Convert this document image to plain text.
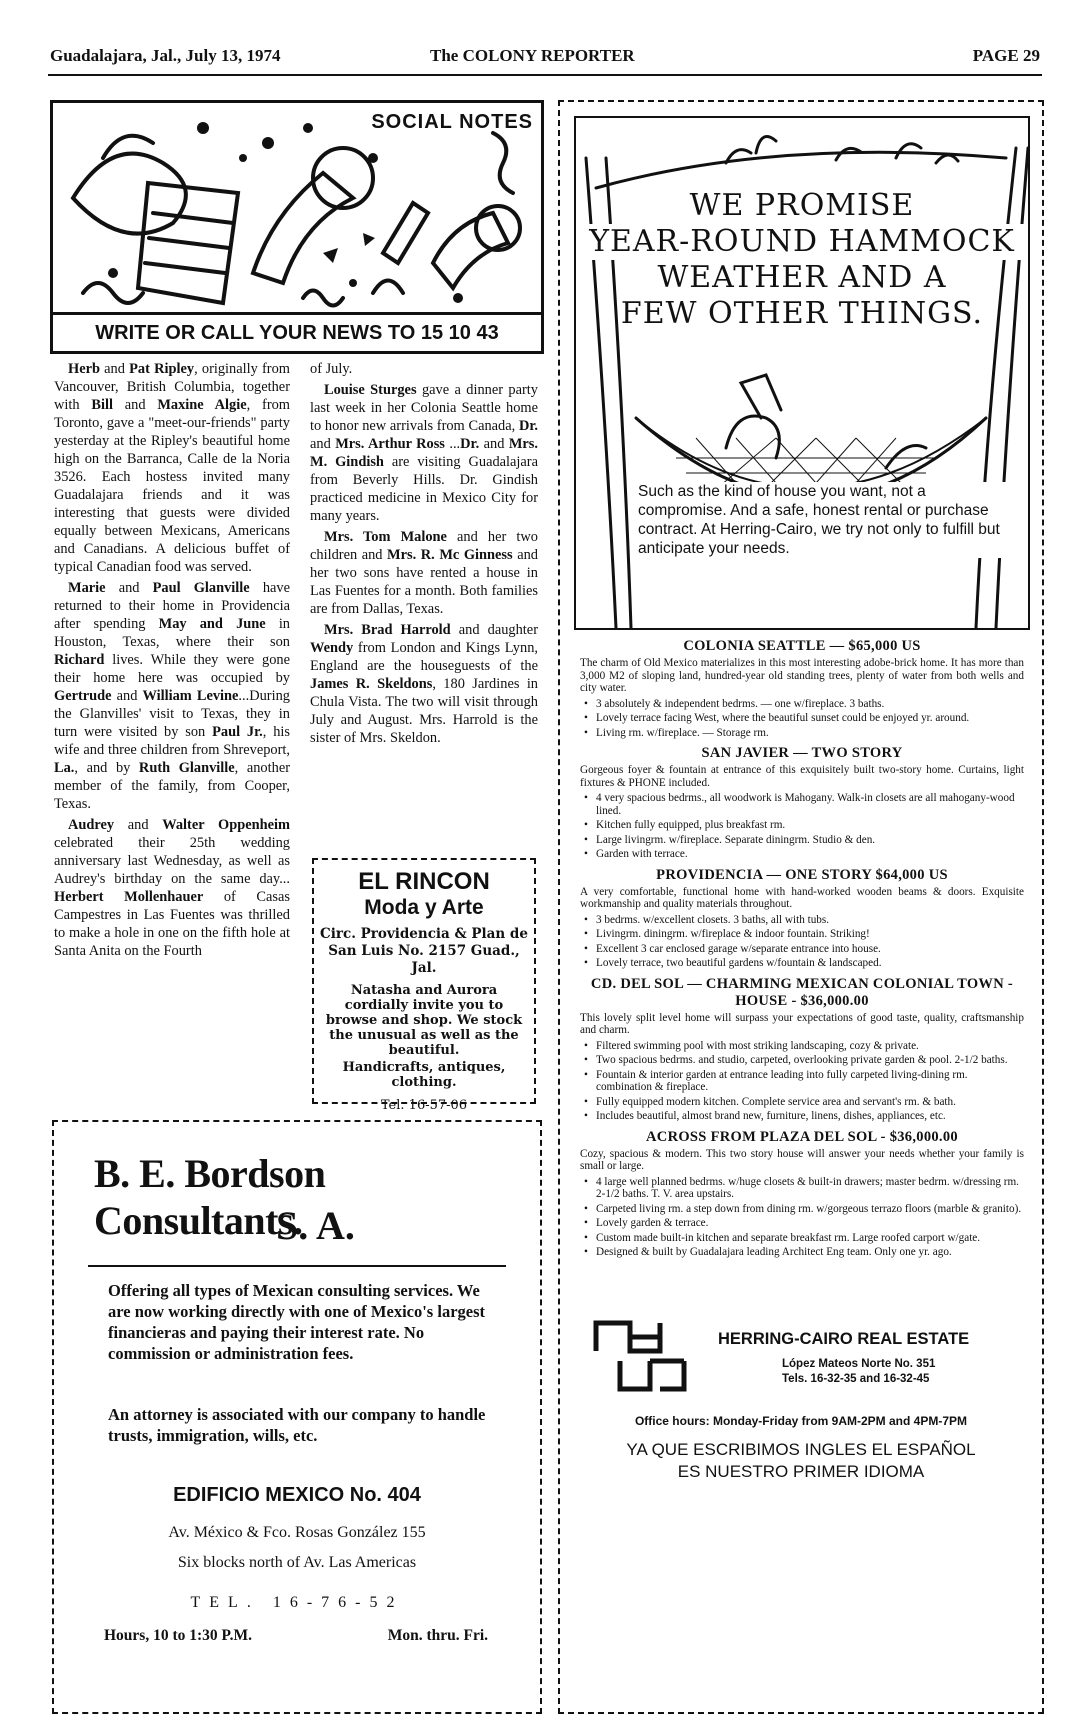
Guadalajara, Jal., July 13, 1974	The COLONY REPORTER	PAGE 29
SOCIAL NOTES
WRITE OR CALL YOUR NEWS TO 15 10 43

Herb and Pat Ripley, originally from Vancouver, British Columbia, together with Bill and Maxine Algie, from Toronto, gave a "meet-our-friends" party yesterday at the Ripley's beautiful home high on the Barranca, Calle de la Noria 3526. Each hostess invited many Guadalajara friends and it was interesting that guests were divided equally between Mexicans, Americans and Canadians. A delicious buffet of typical Canadian food was served.

Marie and Paul Glanville have returned to their home in Providencia after spending May and June in Houston, Texas, where their son Richard lives. While they were gone their home here was occupied by Gertrude and William Levine...During the Glanvilles' visit to Texas, they in turn were visited by son Paul Jr., his wife and three children from Shreveport, La., and by Ruth Glanville, another member of the family, from Cooper, Texas.

Audrey and Walter Oppenheim celebrated their 25th wedding anniversary last Wednesday, as well as Audrey's birthday on the same day... Herbert Mollenhauer of Casas Campestres in Las Fuentes was thrilled to make a hole in one on the fifth hole at Santa Anita on the Fourth

of July.

Louise Sturges gave a dinner party last week in her Colonia Seattle home to honor new arrivals from Canada, Dr. and Mrs. Arthur Ross ...Dr. and Mrs. M. Gindish are visiting Guadalajara from Beverly Hills. Dr. Gindish practiced medicine in Mexico City for many years.

Mrs. Tom Malone and her two children and Mrs. R. Mc Ginness and her two sons have rented a house in Las Fuentes for a month. Both families are from Dallas, Texas.

Mrs. Brad Harrold and daughter Wendy from London and Kings Lynn, England are the houseguests of the James R. Skeldons, 180 Jardines in Chula Vista. The two will visit through July and August. Mrs. Harrold is the sister of Mrs. Skeldon.

EL RINCON
Moda y Arte
Circ. Providencia & Plan de San Luis No. 2157 Guad., Jal.
Natasha and Aurora cordially invite you to browse and shop. We stock the unusual as well as the beautiful.
Handicrafts, antiques, clothing.
Tel. 16-57-06
B. E. Bordson Consultants.
S. A.
Offering all types of Mexican consulting services. We are now working directly with one of Mexico's largest financieras and paying their interest rate. No commission or administration fees.
An attorney is associated with our company to handle trusts, immigration, wills, etc.
EDIFICIO MEXICO No. 404
Av. México & Fco. Rosas González 155
Six blocks north of Av. Las Americas
TEL. 16-76-52
Hours, 10 to 1:30 P.M.	Mon. thru. Fri.
WE PROMISE
YEAR-ROUND HAMMOCK
WEATHER AND A
FEW OTHER THINGS.
Such as the kind of house you want, not a compromise. And a safe, honest rental or purchase contract. At Herring-Cairo, we try not only to fulfill but anticipate your needs.
COLONIA SEATTLE — $65,000 US
The charm of Old Mexico materializes in this most interesting adobe-brick home. It has more than 3,000 M2 of sloping land, hundred-year old standing trees, plenty of water from both wells and city water.
• 3 absolutely & independent bedrms. — one w/fireplace. 3 baths.
• Lovely terrace facing West, where the beautiful sunset could be enjoyed yr. around.
• Living rm. w/fireplace. — Storage rm.
SAN JAVIER — TWO STORY
Gorgeous foyer & fountain at entrance of this exquisitely built two-story home. Curtains, light fixtures & PHONE included.
• 4 very spacious bedrms., all woodwork is Mahogany. Walk-in closets are all mahogany-wood lined.
• Kitchen fully equipped, plus breakfast rm.
• Large livingrm. w/fireplace. Separate diningrm. Studio & den.
• Garden with terrace.
PROVIDENCIA — ONE STORY $64,000 US
A very comfortable, functional home with hand-worked wooden beams & doors. Exquisite workmanship and quality materials throughout.
• 3 bedrms. w/excellent closets. 3 baths, all with tubs.
• Livingrm. diningrm. w/fireplace & indoor fountain. Striking!
• Excellent 3 car enclosed garage w/separate entrance into house.
• Lovely terrace, two beautiful gardens w/fountain & landscaped.
CD. DEL SOL — CHARMING MEXICAN COLONIAL TOWN - HOUSE - $36,000.00
This lovely split level home will surpass your expectations of good taste, quality, craftsmanship and charm.
• Filtered swimming pool with most striking landscaping, cozy & private.
• Two spacious bedrms. and studio, carpeted, overlooking private garden & pool. 2-1/2 baths.
• Fountain & interior garden at entrance leading into fully carpeted living-dining rm. combination & fireplace.
• Fully equipped modern kitchen. Complete service area and servant's rm. & bath.
• Includes beautiful, almost brand new, furniture, linens, dishes, appliances, etc.
ACROSS FROM PLAZA DEL SOL - $36,000.00
Cozy, spacious & modern. This two story house will answer your needs whether your family is small or large.
• 4 large well planned bedrms. w/huge closets & built-in drawers; master bedrm. w/dressing rm. 2-1/2 baths. T. V. area upstairs.
• Carpeted living rm. a step down from dining rm. w/gorgeous terrazo floors (marble & granito).
• Lovely garden & terrace.
• Custom made built-in kitchen and separate breakfast rm. Large roofed carport w/gate.
• Designed & built by Guadalajara leading Architect Eng team. Only one yr. ago.
HERRING-CAIRO REAL ESTATE
López Mateos Norte No. 351
Tels. 16-32-35 and 16-32-45
Office hours: Monday-Friday from 9AM-2PM and 4PM-7PM
YA QUE ESCRIBIMOS INGLES EL ESPAÑOL
ES NUESTRO PRIMER IDIOMA
